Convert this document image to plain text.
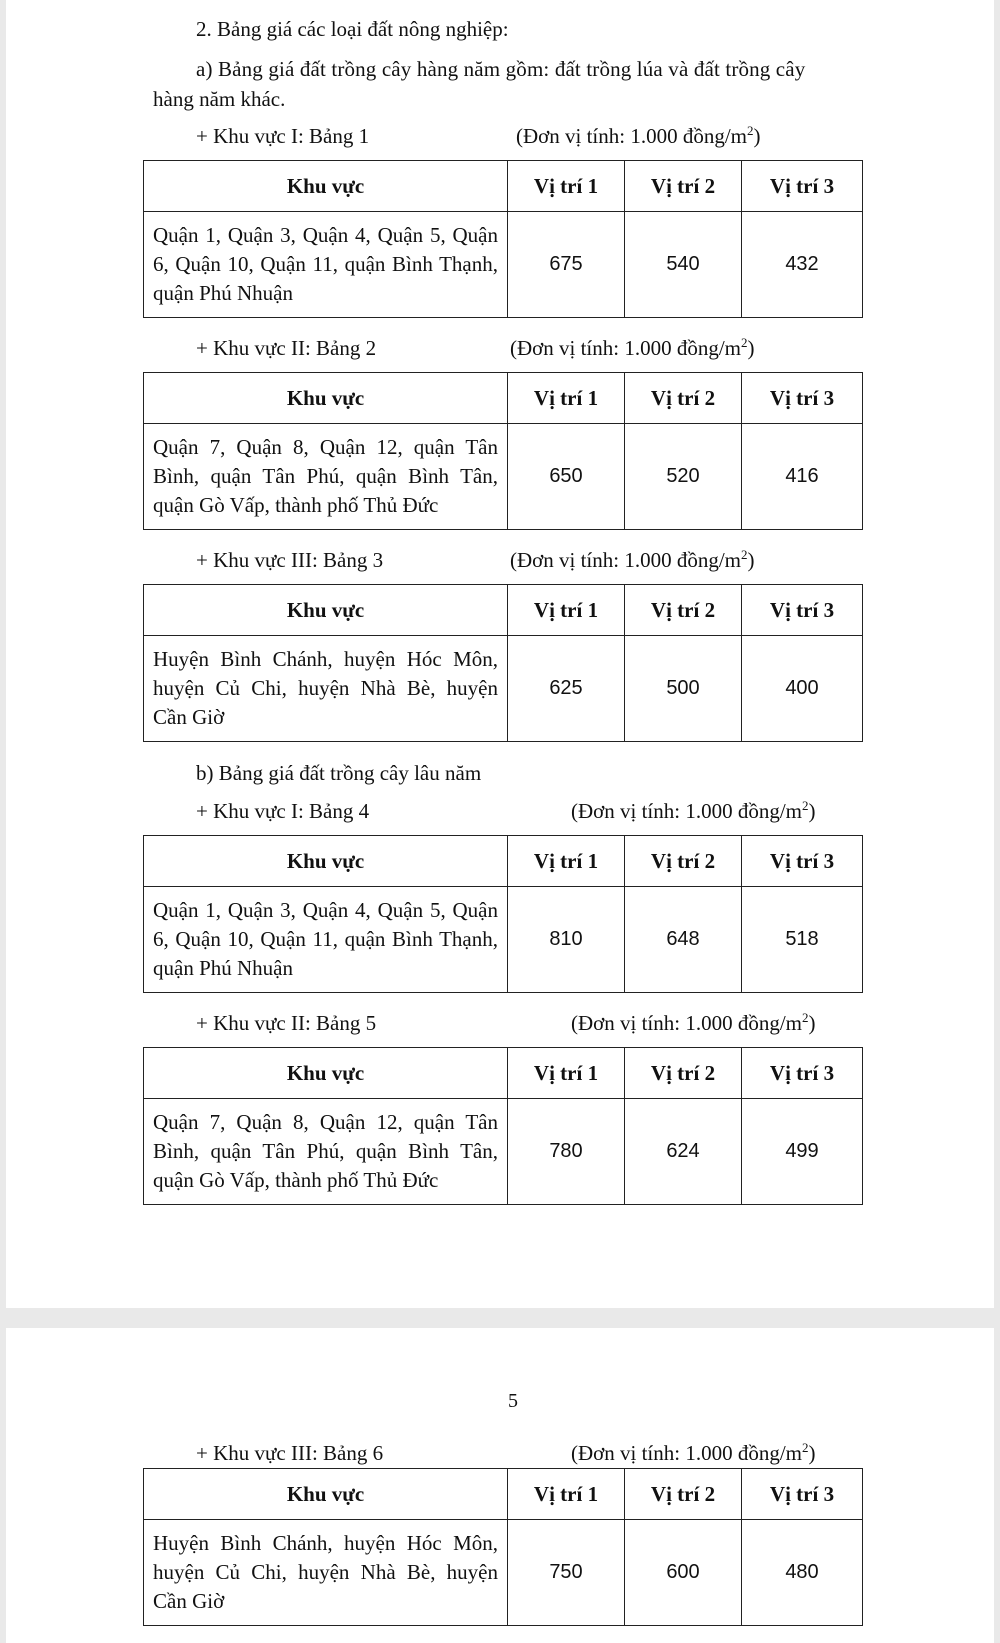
2. Bảng giá các loại đất nông nghiệp:
a) Bảng giá đất trồng cây hàng năm gồm: đất trồng lúa và đất trồng cây
hàng năm khác.
b) Bảng giá đất trồng cây lâu năm
+ Khu vực I: Bảng 1	(Đơn vị tính: 1.000 đồng/$m^2$)
Khu vực	Vị trí 1	Vị trí 2	Vị trí 3
Quận 1, Quận 3, Quận 4, Quận 5, Quận 6, Quận 10, Quận 11, quận Bình Thạnh, quận Phú Nhuận	675	540	432
+ Khu vực II: Bảng 2	(Đơn vị tính: 1.000 đồng/$m^2$)
Khu vực	Vị trí 1	Vị trí 2	Vị trí 3
Quận 7, Quận 8, Quận 12, quận Tân Bình, quận Tân Phú, quận Bình Tân, quận Gò Vấp, thành phố Thủ Đức	650	520	416
+ Khu vực III: Bảng 3	(Đơn vị tính: 1.000 đồng/$m^2$)
Khu vực	Vị trí 1	Vị trí 2	Vị trí 3
Huyện Bình Chánh, huyện Hóc Môn, huyện Củ Chi, huyện Nhà Bè, huyện Cần Giờ	625	500	400
+ Khu vực I: Bảng 4	(Đơn vị tính: 1.000 đồng/$m^2$)
Khu vực	Vị trí 1	Vị trí 2	Vị trí 3
Quận 1, Quận 3, Quận 4, Quận 5, Quận 6, Quận 10, Quận 11, quận Bình Thạnh, quận Phú Nhuận	810	648	518
+ Khu vực II: Bảng 5	(Đơn vị tính: 1.000 đồng/$m^2$)
Khu vực	Vị trí 1	Vị trí 2	Vị trí 3
Quận 7, Quận 8, Quận 12, quận Tân Bình, quận Tân Phú, quận Bình Tân, quận Gò Vấp, thành phố Thủ Đức	780	624	499
5
+ Khu vực III: Bảng 6	(Đơn vị tính: 1.000 đồng/$m^2$)
Khu vực	Vị trí 1	Vị trí 2	Vị trí 3
Huyện Bình Chánh, huyện Hóc Môn, huyện Củ Chi, huyện Nhà Bè, huyện Cần Giờ	750	600	480
